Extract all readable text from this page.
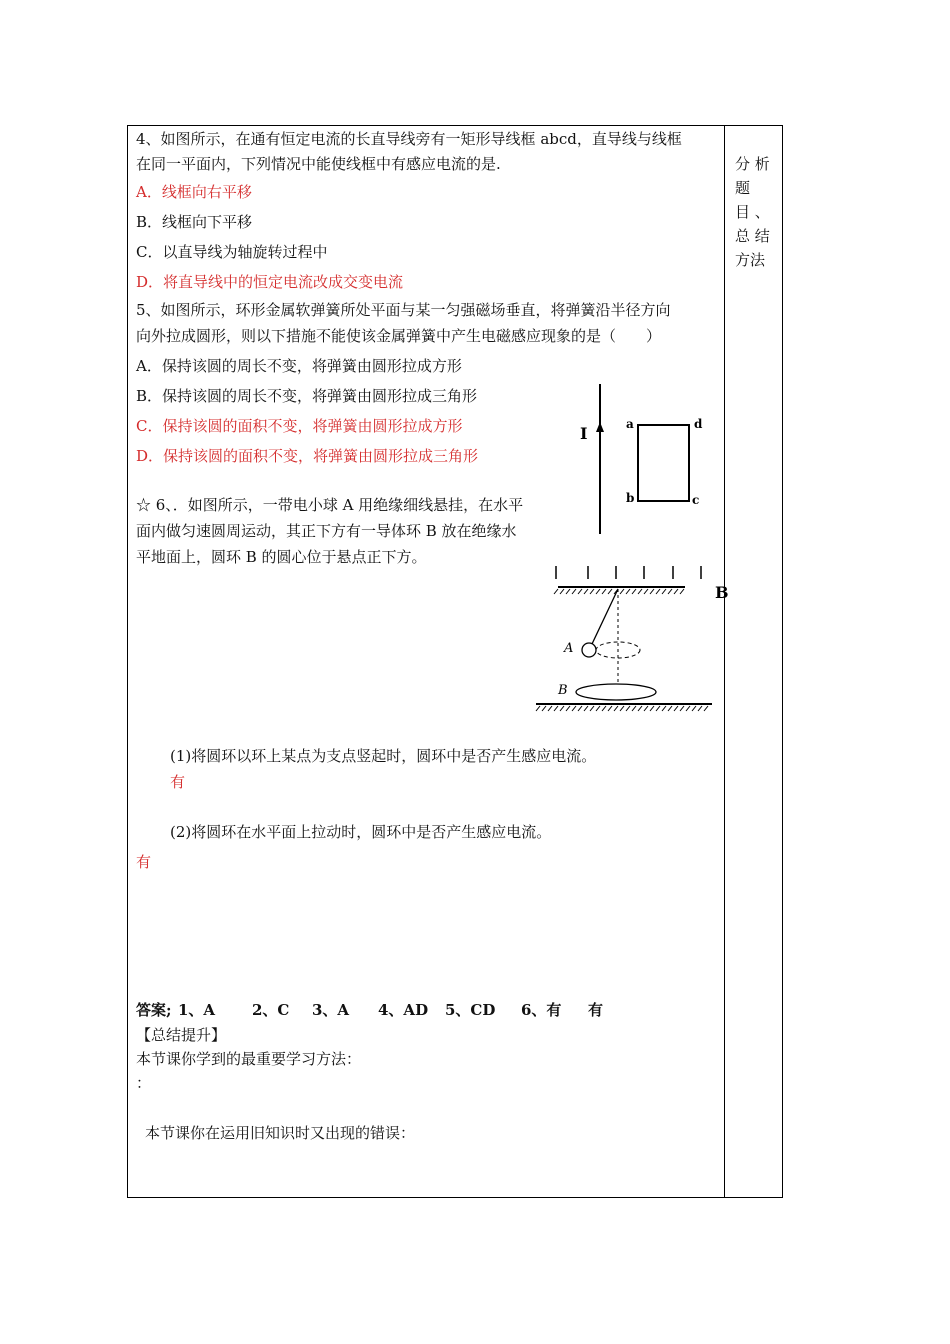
分 析
题
目 、
总 结
方法
4、如图所示，在通有恒定电流的长直导线旁有一矩形导线框 abcd，直导线与线框
在同一平面内，下列情况中能使线框中有感应电流的是.
A．线框向右平移
B．线框向下平移
C．以直导线为轴旋转过程中
D．将直导线中的恒定电流改成交变电流
5、如图所示，环形金属软弹簧所处平面与某一匀强磁场垂直，将弹簧沿半径方向
向外拉成圆形，则以下措施不能使该金属弹簧中产生电磁感应现象的是（　　）
A．保持该圆的周长不变，将弹簧由圆形拉成方形
B．保持该圆的周长不变，将弹簧由圆形拉成三角形
C．保持该圆的面积不变，将弹簧由圆形拉成方形
D．保持该圆的面积不变，将弹簧由圆形拉成三角形
I	a	d
b	c
☆ 6、．如图所示，一带电小球 A 用绝缘细线悬挂，在水平
面内做匀速圆周运动，其正下方有一导体环 B 放在绝缘水
平地面上，圆环 B 的圆心位于悬点正下方。
B
A
B
(1)将圆环以环上某点为支点竖起时，圆环中是否产生感应电流。
有
(2)将圆环在水平面上拉动时，圆环中是否产生感应电流。
有
答案; 1、A 2、C 3、A 4、AD 5、CD 6、有 有
【总结提升】
本节课你学到的最重要学习方法：
：
本节课你在运用旧知识时又出现的错误：
